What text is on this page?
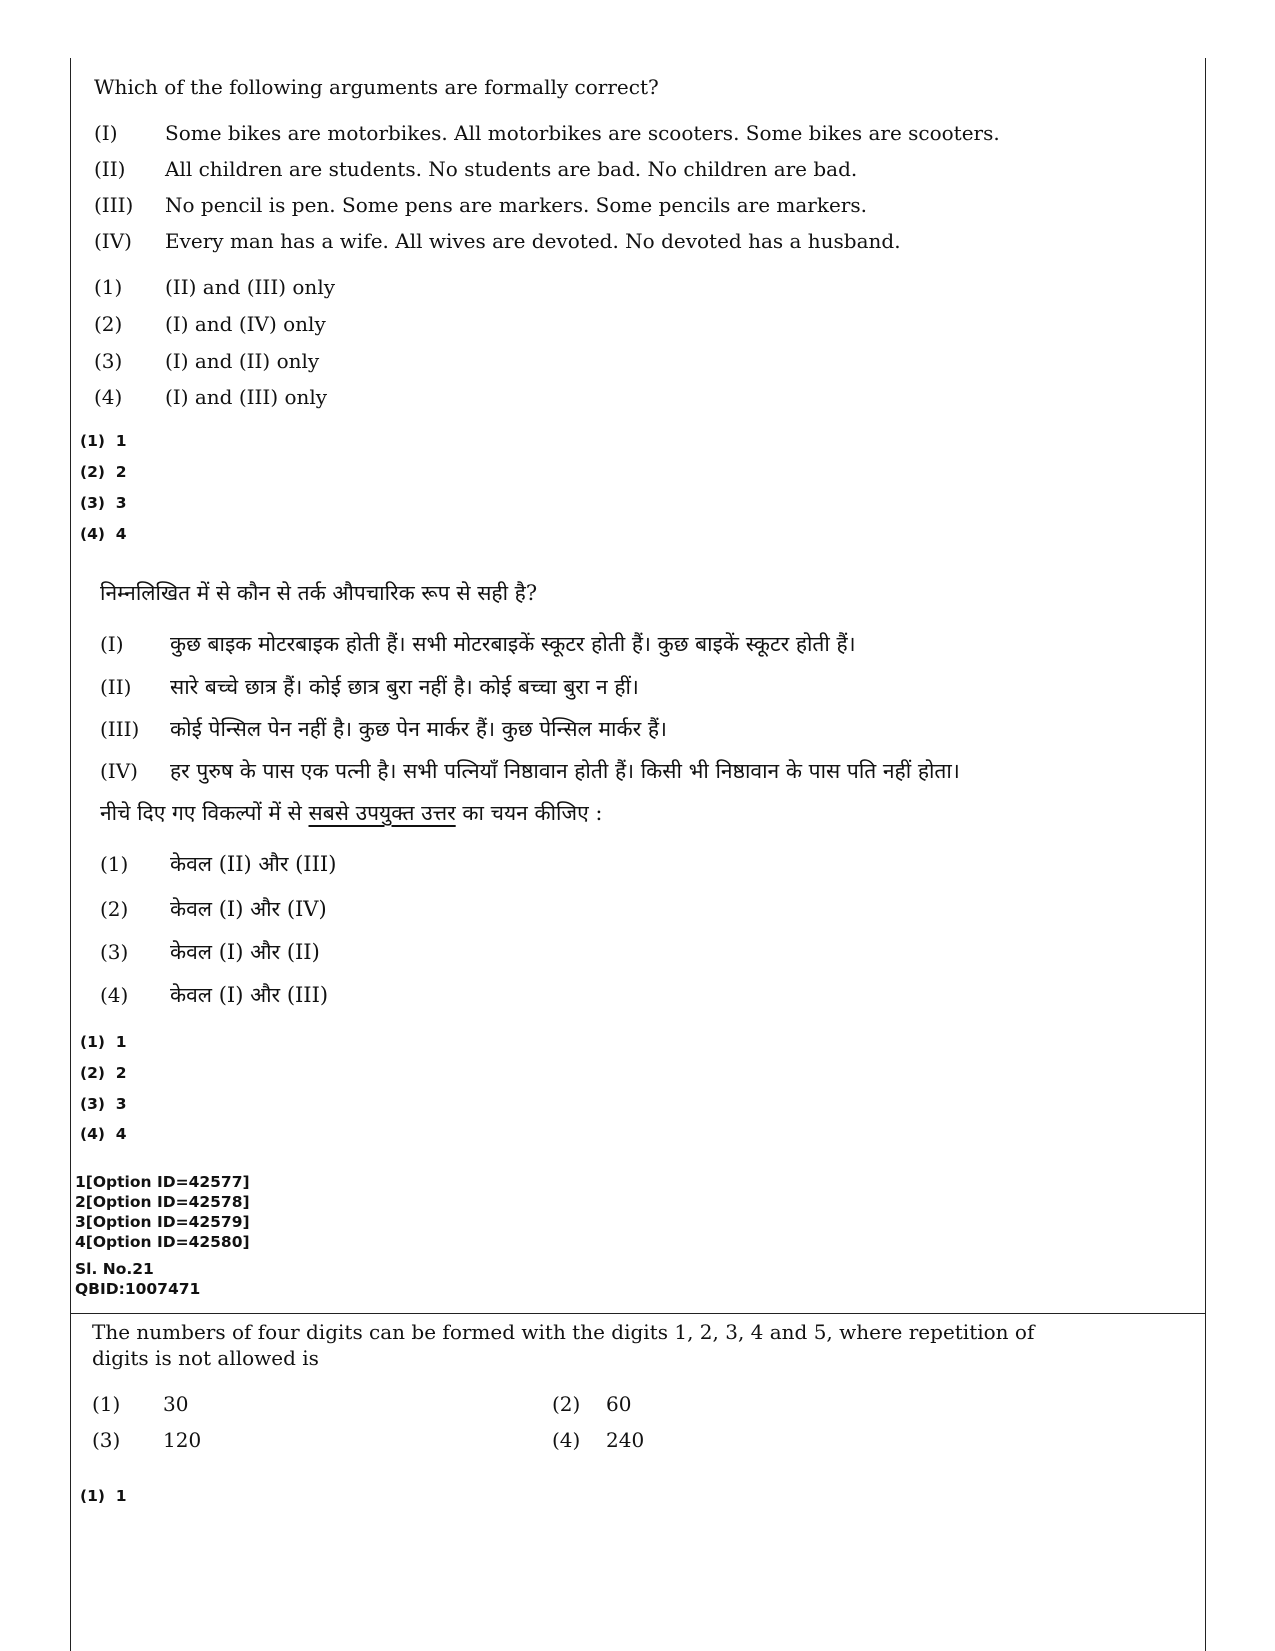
Which of the following arguments are formally correct?
(I) Some bikes are motorbikes. All motorbikes are scooters. Some bikes are scooters.
(II) All children are students. No students are bad. No children are bad.
(III) No pencil is pen. Some pens are markers. Some pencils are markers.
(IV) Every man has a wife. All wives are devoted. No devoted has a husband.
(1) (II) and (III) only
(2) (I) and (IV) only
(3) (I) and (II) only
(4) (I) and (III) only
(1) 1
(2) 2
(3) 3
(4) 4
निम्नलिखित में से कौन से तर्क औपचारिक रूप से सही है?
(I) कुछ बाइक मोटरबाइक होती हैं। सभी मोटरबाइकें स्कूटर होती हैं। कुछ बाइकें स्कूटर होती हैं।
(II) सारे बच्चे छात्र हैं। कोई छात्र बुरा नहीं है। कोई बच्चा बुरा न हीं।
(III) कोई पेन्सिल पेन नहीं है। कुछ पेन मार्कर हैं। कुछ पेन्सिल मार्कर हैं।
(IV) हर पुरुष के पास एक पत्नी है। सभी पत्नियाँ निष्ठावान होती हैं। किसी भी निष्ठावान के पास पति नहीं होता।
नीचे दिए गए विकल्पों में से सबसे उपयुक्त उत्तर का चयन कीजिए :
(1) केवल (II) और (III)
(2) केवल (I) और (IV)
(3) केवल (I) और (II)
(4) केवल (I) और (III)
(1) 1
(2) 2
(3) 3
(4) 4
1[Option ID=42577]
2[Option ID=42578]
3[Option ID=42579]
4[Option ID=42580]
Sl. No.21
QBID:1007471
The numbers of four digits can be formed with the digits 1, 2, 3, 4 and 5, where repetition of
digits is not allowed is
(1) 30	(2) 60
(3) 120	(4) 240
(1) 1
